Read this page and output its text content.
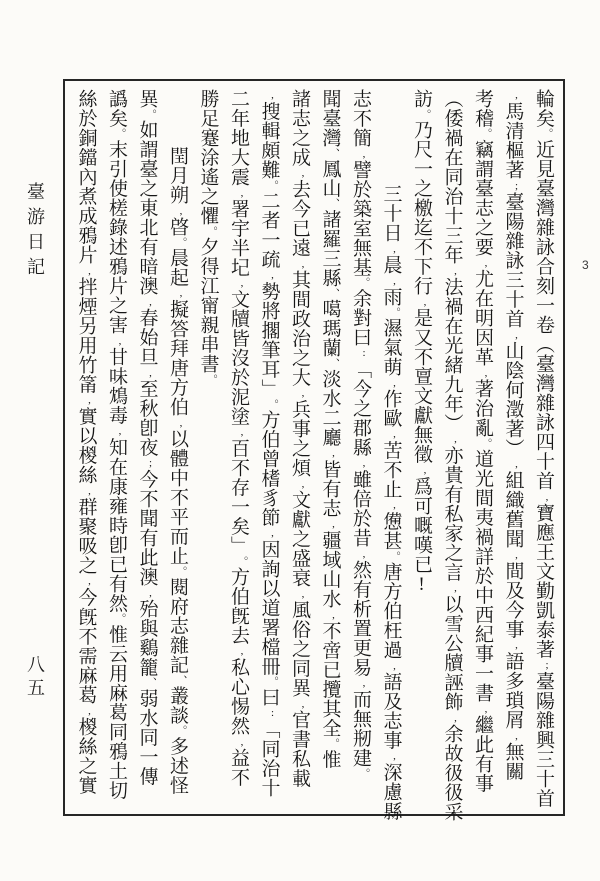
臺游日記
輪矣。近見臺灣雜詠合刻一卷︵臺灣雜詠四十首,寶應王文勤凱泰著;臺陽雜興三十首
,馬清樞著;臺陽雜詠三十首,山陰何澂著︶,組織舊聞,間及今事,語多瑣屑,無關
考稽。竊謂臺志之要,尤在明因革,著治亂。道光間夷禍詳於中西紀事一書,繼此有事
︵倭禍在同治十三年,法禍在光緒九年︶,亦貴有私家之言,以雪公牘誣飾,余故彶彶采
訪。乃尺一之檄迄不下行,是又不亶文獻無徵,爲可嘅嘆已!
三十日,晨,雨。濕氣萌,作歐,苦不止,憊甚。唐方伯枉過,語及志事,深慮縣
志不簡,譬於築室無基。余對曰:﹁今之郡縣,雖倍於昔,然有析置更易,而無剏建。
聞臺灣、鳳山、諸羅三縣、噶瑪蘭、淡水二廳,皆有志,疆域山水,不啻已攬其全。惟
諸志之成,去今已遠,其間政治之大,兵事之煩,文獻之盛衰,風俗之同異,官書私載
,搜輯頗難。二者一疏,勢將擱筆耳﹂。方伯曾榰豸節,因詢以道署檔冊。曰:﹁同治十
二年地大震,署宇半圮,文牘皆沒於泥塗,百不存一矣﹂。方伯旣去,私心惕然,益不
勝足蹇涂遙之懼。夕得江甯親串書。
閏月朔,晵。晨起,擬答拜唐方伯,以體中不平而止。閱府志雜記、叢談。多述怪
異。如謂臺之東北有暗澳,春始旦,至秋卽夜;今不聞有此澳,殆與鷄籠、弱水同一傳
譌矣。末引使槎錄述鴉片之害,甘味鴆毒,知在康雍時卽已有然。惟云用麻葛同鴉土切
絲於銅鐺內煮成鴉片,拌煙另用竹筩,實以椶絲,群聚吸之,今旣不需麻葛,椶絲之實
八五
3
